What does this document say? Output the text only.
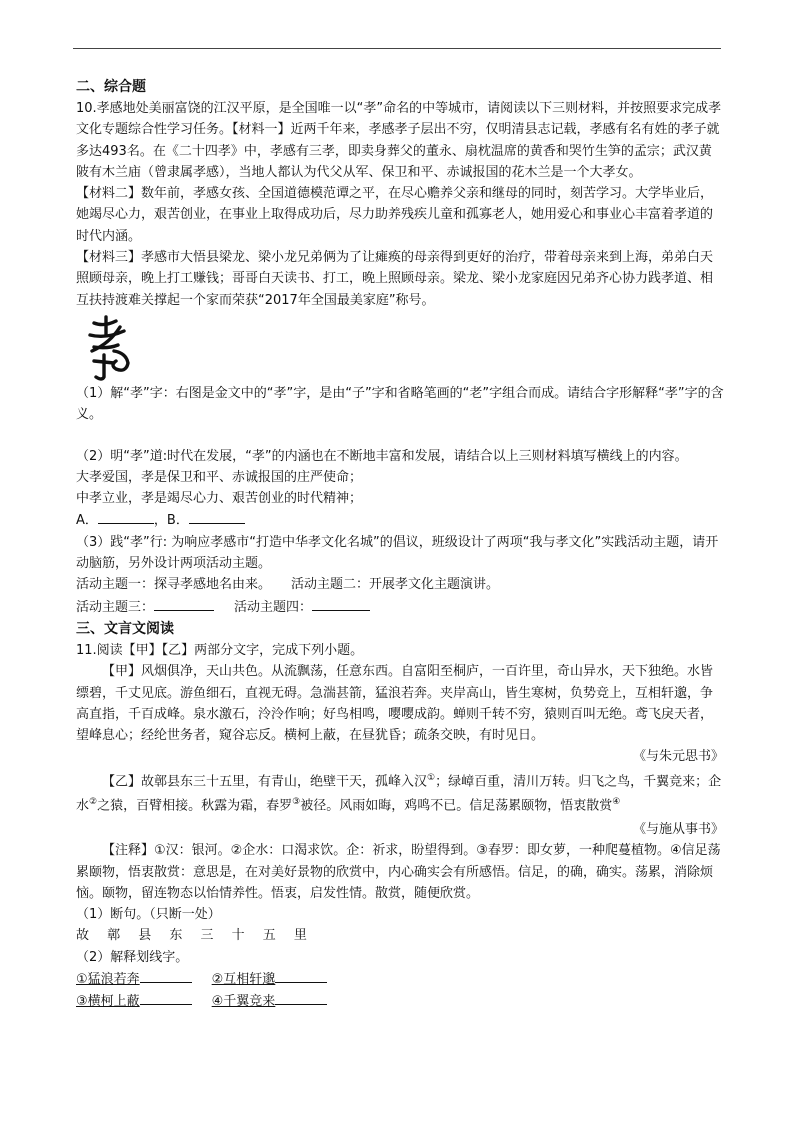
二、综合题

10.孝感地处美丽富饶的江汉平原，是全国唯一以“孝”命名的中等城市，请阅读以下三则材料，并按照要求完成孝文化专题综合性学习任务。【材料一】近两千年来，孝感孝子层出不穷，仅明清县志记载，孝感有名有姓的孝子就多达493名。在《二十四孝》中，孝感有三孝，即卖身葬父的董永、扇枕温席的黄香和哭竹生笋的孟宗；武汉黄陂有木兰庙（曾隶属孝感），当地人都认为代父从军、保卫和平、赤诚报国的花木兰是一个大孝女。

【材料二】数年前，孝感女孩、全国道德模范谭之平，在尽心赡养父亲和继母的同时，刻苦学习。大学毕业后，她竭尽心力，艰苦创业，在事业上取得成功后，尽力助养残疾儿童和孤寡老人，她用爱心和事业心丰富着孝道的时代内涵。

【材料三】孝感市大悟县梁龙、梁小龙兄弟俩为了让瘫痪的母亲得到更好的治疗，带着母亲来到上海，弟弟白天照顾母亲，晚上打工赚钱；哥哥白天读书、打工，晚上照顾母亲。梁龙、梁小龙家庭因兄弟齐心协力践孝道、相互扶持渡难关撑起一个家而荣获“2017年全国最美家庭”称号。

（1）解“孝”字：右图是金文中的“孝”字，是由“子”字和省略笔画的“老”字组合而成。请结合字形解释“孝”字的含义。

（2）明“孝”道:时代在发展，“孝”的内涵也在不断地丰富和发展，请结合以上三则材料填写横线上的内容。

大孝爱国，孝是保卫和平、赤诚报国的庄严使命；

中孝立业，孝是竭尽心力、艰苦创业的时代精神；

A．	，B．

（3）践“孝”行: 为响应孝感市“打造中华孝文化名城”的倡议，班级设计了两项“我与孝文化”实践活动主题，请开动脑筋，另外设计两项活动主题。

活动主题一：探寻孝感地名由来。 活动主题二：开展孝文化主题演讲。
活动主题三：	活动主题四：

三、文言文阅读

11.阅读【甲】【乙】两部分文字，完成下列小题。

【甲】风烟俱净，天山共色。从流飘荡，任意东西。自富阳至桐庐，一百许里，奇山异水，天下独绝。水皆缥碧，千丈见底。游鱼细石，直视无碍。急湍甚箭，猛浪若奔。夹岸高山，皆生寒树，负势竞上，互相轩邈，争高直指，千百成峰。泉水激石，泠泠作响；好鸟相鸣，嘤嘤成韵。蝉则千转不穷，猿则百叫无绝。鸢飞戾天者，望峰息心；经纶世务者，窥谷忘反。横柯上蔽，在昼犹昏；疏条交映，有时见日。

《与朱元思书》

【乙】故鄣县东三十五里，有青山，绝壁干天，孤峰入汉①；绿嶂百重，清川万转。归飞之鸟，千翼竞来；企水②之猿，百臂相接。秋露为霜，春罗③被径。风雨如晦，鸡鸣不已。信足荡累颐物，悟衷散赏④

《与施从事书》

【注释】①汉：银河。②企水：口渴求饮。企：祈求，盼望得到。③春罗：即女萝，一种爬蔓植物。④信足荡累颐物，悟衷散赏：意思是，在对美好景物的欣赏中，内心确实会有所感悟。信足，的确，确实。荡累，消除烦恼。颐物，留连物态以怡情养性。悟衷，启发性情。散赏，随便欣赏。

（1）断句。（只断一处）

故 鄣 县 东 三 十 五 里

（2）解释划线字。

①猛浪若奔	②互相轩邈
③横柯上蔽	④千翼竞来
